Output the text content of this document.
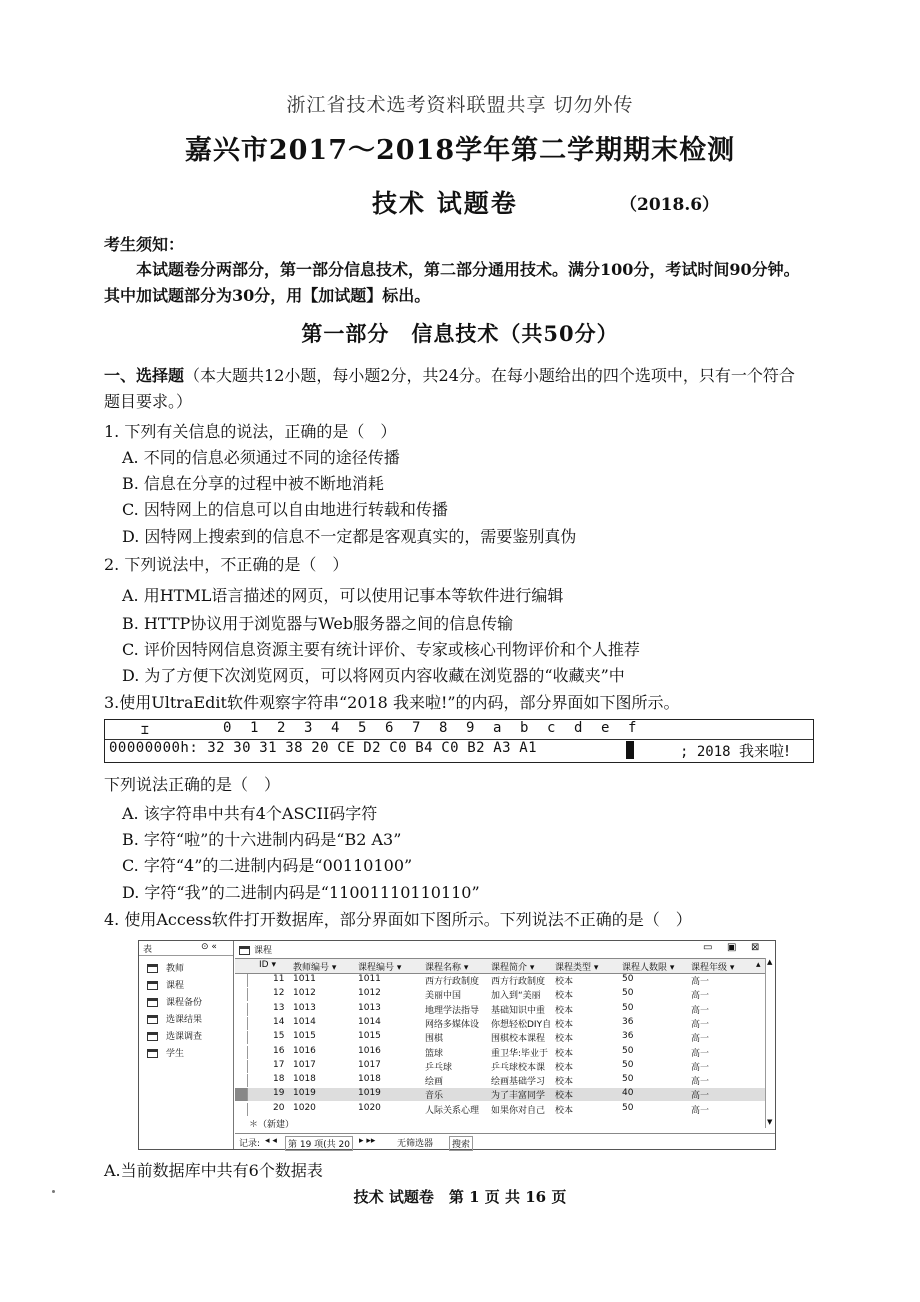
浙江省技术选考资料联盟共享 切勿外传
嘉兴市2017～2018学年第二学期期末检测
技术 试题卷	（2018.6）
考生须知：
本试题卷分两部分，第一部分信息技术，第二部分通用技术。满分100分，考试时间90分钟。其中加试题部分为30分，用【加试题】标出。
第一部分　信息技术（共50分）
一、选择题（本大题共12小题，每小题2分，共24分。在每小题给出的四个选项中，只有一个符合题目要求。）
1. 下列有关信息的说法，正确的是（　）
A. 不同的信息必须通过不同的途径传播
B. 信息在分享的过程中被不断地消耗
C. 因特网上的信息可以自由地进行转载和传播
D. 因特网上搜索到的信息不一定都是客观真实的，需要鉴别真伪
2. 下列说法中，不正确的是（　）
A. 用HTML语言描述的网页，可以使用记事本等软件进行编辑
B. HTTP协议用于浏览器与Web服务器之间的信息传输
C. 评价因特网信息资源主要有统计评价、专家或核心刊物评价和个人推荐
D. 为了方便下次浏览网页，可以将网页内容收藏在浏览器的“收藏夹”中
3.使用UltraEdit软件观察字符串“2018 我来啦!”的内码，部分界面如下图所示。
⌶	0 1 2 3 4 5 6 7 8 9 a b c d e f
00000000h: 32 30 31 38 20 CE D2 C0 B4 C0 B2 A3 A1	; 2018 我来啦!
下列说法正确的是（　）
A. 该字符串中共有4个ASCII码字符
B. 字符“啦”的十六进制内码是“B2 A3”
C. 字符“4”的二进制内码是“00110100”
D. 字符“我”的二进制内码是“11001110110110”
4. 使用Access软件打开数据库，部分界面如下图所示。下列说法不正确的是（　）
表	⊙ «
教师
课程
课程备份
选课结果
选课调查
学生
课程	▭ ▣ ⊠
ID ▾ 教师编号 ▾ 课程编号 ▾	课程名称 ▾	课程简介 ▾ 课程类型 ▾	课程人数限 ▾ 课程年级 ▾ ▴
11 1011	1011	西方行政制度	西方行政制度	校本	50	高一
12 1012	1012	美丽中国	加入到“美丽	校本	50	高一
13 1013	1013	地理学法指导	基础知识中重	校本	50	高一
14 1014	1014	网络多媒体设	你想轻松DIY自 校本	36	高一
15 1015	1015	围棋	围棋校本课程	校本	36	高一
16 1016	1016	篮球	重卫华:毕业于 校本	50	高一
17 1017	1017	乒乓球	乒乓球校本课	校本	50	高一
18 1018	1018	绘画	绘画基础学习	校本	50	高一
19 1019	1019	音乐	为了丰富同学	校本	40	高一
20 1020	1020	人际关系心理	如果你对自己	校本	50	高一
＊（新建）
▲
▼
记录: ◂ ◂	第 19 项(共 20	▸ ▸▸ 无筛选器	搜索
A.当前数据库中共有6个数据表
技术 试题卷　第 1 页 共 16 页
